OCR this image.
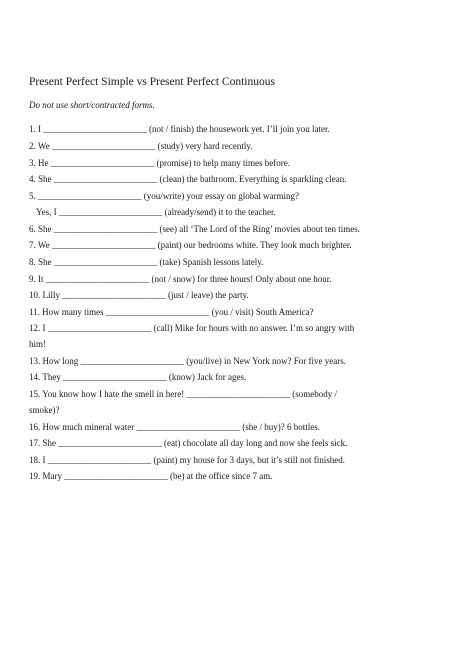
Present Perfect Simple vs Present Perfect Continuous
Do not use short/contracted forms.
1. I _______________________ (not / finish) the housework yet. I’ll join you later.
2. We _______________________ (study) very hard recently.
3. He _______________________ (promise) to help many times before.
4. She _______________________ (clean) the bathroom. Everything is sparkling clean.
5. _______________________ (you/write) your essay on global warming?
Yes, I _______________________ (already/send) it to the teacher.
6. She _______________________ (see) all ‘The Lord of the Ring’ movies about ten times.
7. We _______________________ (paint) our bedrooms white. They look much brighter.
8. She _______________________ (take) Spanish lessons lately.
9. It _______________________ (not / snow) for three hours! Only about one hour.
10. Lilly _______________________ (just / leave) the party.
11. How many times _______________________ (you / visit) South America?
12. I _______________________ (call) Mike for hours with no answer. I’m so angry with
him!
13. How long _______________________ (you/live) in New York now? For five years.
14. They _______________________ (know) Jack for ages.
15. You know how I hate the smell in here! _______________________ (somebody /
smoke)?
16. How much mineral water _______________________ (she / buy)? 6 bottles.
17. She _______________________ (eat) chocolate all day long and now she feels sick.
18. I _______________________ (paint) my house for 3 days, but it’s still not finished.
19. Mary _______________________ (be) at the office since 7 am.
